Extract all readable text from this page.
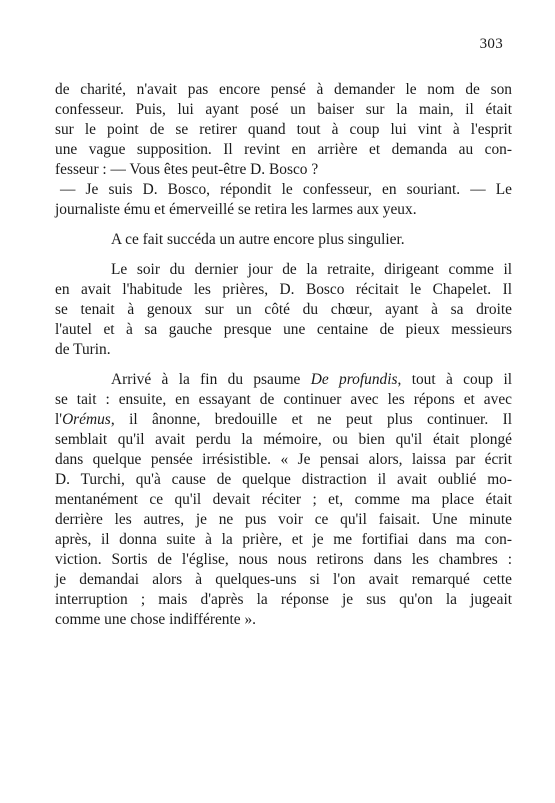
303
de charité, n'avait pas encore pensé à demander le nom de son
confesseur. Puis, lui ayant posé un baiser sur la main, il était
sur le point de se retirer quand tout à coup lui vint à l'esprit
une vague supposition. Il revint en arrière et demanda au con-
fesseur : — Vous êtes peut-être D. Bosco ?
— Je suis D. Bosco, répondit le confesseur, en souriant. — Le
journaliste ému et émerveillé se retira les larmes aux yeux.
A ce fait succéda un autre encore plus singulier.
Le soir du dernier jour de la retraite, dirigeant comme il
en avait l'habitude les prières, D. Bosco récitait le Chapelet. Il
se tenait à genoux sur un côté du chœur, ayant à sa droite
l'autel et à sa gauche presque une centaine de pieux messieurs
de Turin.
Arrivé à la fin du psaume De profundis, tout à coup il
se tait : ensuite, en essayant de continuer avec les répons et avec
l'Orémus, il ânonne, bredouille et ne peut plus continuer. Il
semblait qu'il avait perdu la mémoire, ou bien qu'il était plongé
dans quelque pensée irrésistible. « Je pensai alors, laissa par écrit
D. Turchi, qu'à cause de quelque distraction il avait oublié mo-
mentanément ce qu'il devait réciter ; et, comme ma place était
derrière les autres, je ne pus voir ce qu'il faisait. Une minute
après, il donna suite à la prière, et je me fortifiai dans ma con-
viction. Sortis de l'église, nous nous retirons dans les chambres :
je demandai alors à quelques-uns si l'on avait remarqué cette
interruption ; mais d'après la réponse je sus qu'on la jugeait
comme une chose indifférente ».
